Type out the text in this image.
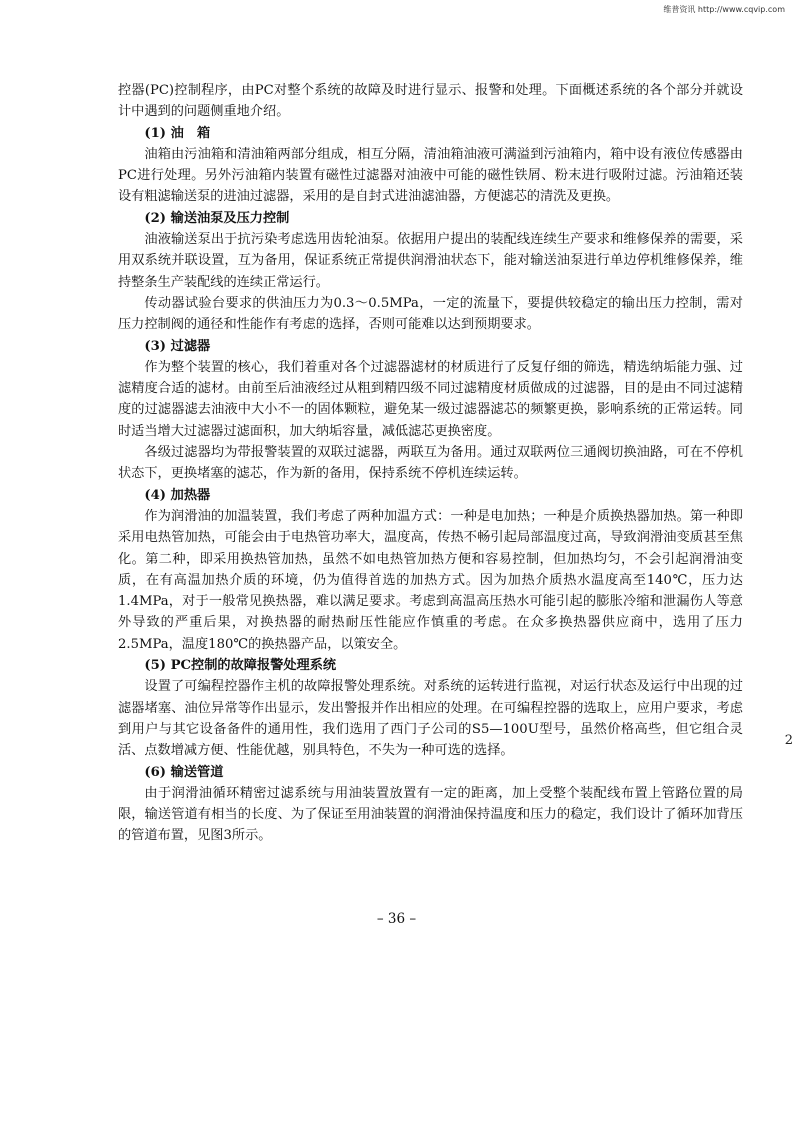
维普资讯 http://www.cqvip.com
2

控器(PC)控制程序，由PC对整个系统的故障及时进行显示、报警和处理。下面概述系统的各个部分并就设计中遇到的问题侧重地介绍。

(1) 油　箱

油箱由污油箱和清油箱两部分组成，相互分隔，清油箱油液可满溢到污油箱内，箱中设有液位传感器由PC进行处理。另外污油箱内装置有磁性过滤器对油液中可能的磁性铁屑、粉末进行吸附过滤。污油箱还装设有粗滤输送泵的进油过滤器，采用的是自封式进油滤油器，方便滤芯的清洗及更换。

(2) 输送油泵及压力控制

油液输送泵出于抗污染考虑选用齿轮油泵。依据用户提出的装配线连续生产要求和维修保养的需要，采用双系统并联设置，互为备用，保证系统正常提供润滑油状态下，能对输送油泵进行单边停机维修保养，维持整条生产装配线的连续正常运行。

传动器试验台要求的供油压力为0.3～0.5MPa，一定的流量下，要提供较稳定的输出压力控制，需对压力控制阀的通径和性能作有考虑的选择，否则可能难以达到预期要求。

(3) 过滤器

作为整个装置的核心，我们着重对各个过滤器滤材的材质进行了反复仔细的筛选，精选纳垢能力强、过滤精度合适的滤材。由前至后油液经过从粗到精四级不同过滤精度材质做成的过滤器，目的是由不同过滤精度的过滤器滤去油液中大小不一的固体颗粒，避免某一级过滤器滤芯的频繁更换，影响系统的正常运转。同时适当增大过滤器过滤面积，加大纳垢容量，减低滤芯更换密度。

各级过滤器均为带报警装置的双联过滤器，两联互为备用。通过双联两位三通阀切换油路，可在不停机状态下，更换堵塞的滤芯，作为新的备用，保持系统不停机连续运转。

(4) 加热器

作为润滑油的加温装置，我们考虑了两种加温方式：一种是电加热；一种是介质换热器加热。第一种即采用电热管加热，可能会由于电热管功率大，温度高，传热不畅引起局部温度过高，导致润滑油变质甚至焦化。第二种，即采用换热管加热，虽然不如电热管加热方便和容易控制，但加热均匀，不会引起润滑油变质，在有高温加热介质的环境，仍为值得首选的加热方式。因为加热介质热水温度高至140℃，压力达1.4MPa，对于一般常见换热器，难以满足要求。考虑到高温高压热水可能引起的膨胀冷缩和泄漏伤人等意外导致的严重后果，对换热器的耐热耐压性能应作慎重的考虑。在众多换热器供应商中，选用了压力2.5MPa，温度180℃的换热器产品，以策安全。

(5) PC控制的故障报警处理系统

设置了可编程控器作主机的故障报警处理系统。对系统的运转进行监视，对运行状态及运行中出现的过滤器堵塞、油位异常等作出显示，发出警报并作出相应的处理。在可编程控器的选取上，应用户要求，考虑到用户与其它设备备件的通用性，我们选用了西门子公司的S5—100U型号，虽然价格高些，但它组合灵活、点数增减方便、性能优越，别具特色，不失为一种可选的选择。

(6) 输送管道

由于润滑油循环精密过滤系统与用油装置放置有一定的距离，加上受整个装配线布置上管路位置的局限，输送管道有相当的长度、为了保证至用油装置的润滑油保持温度和压力的稳定，我们设计了循环加背压的管道布置，见图3所示。

– 36 –
